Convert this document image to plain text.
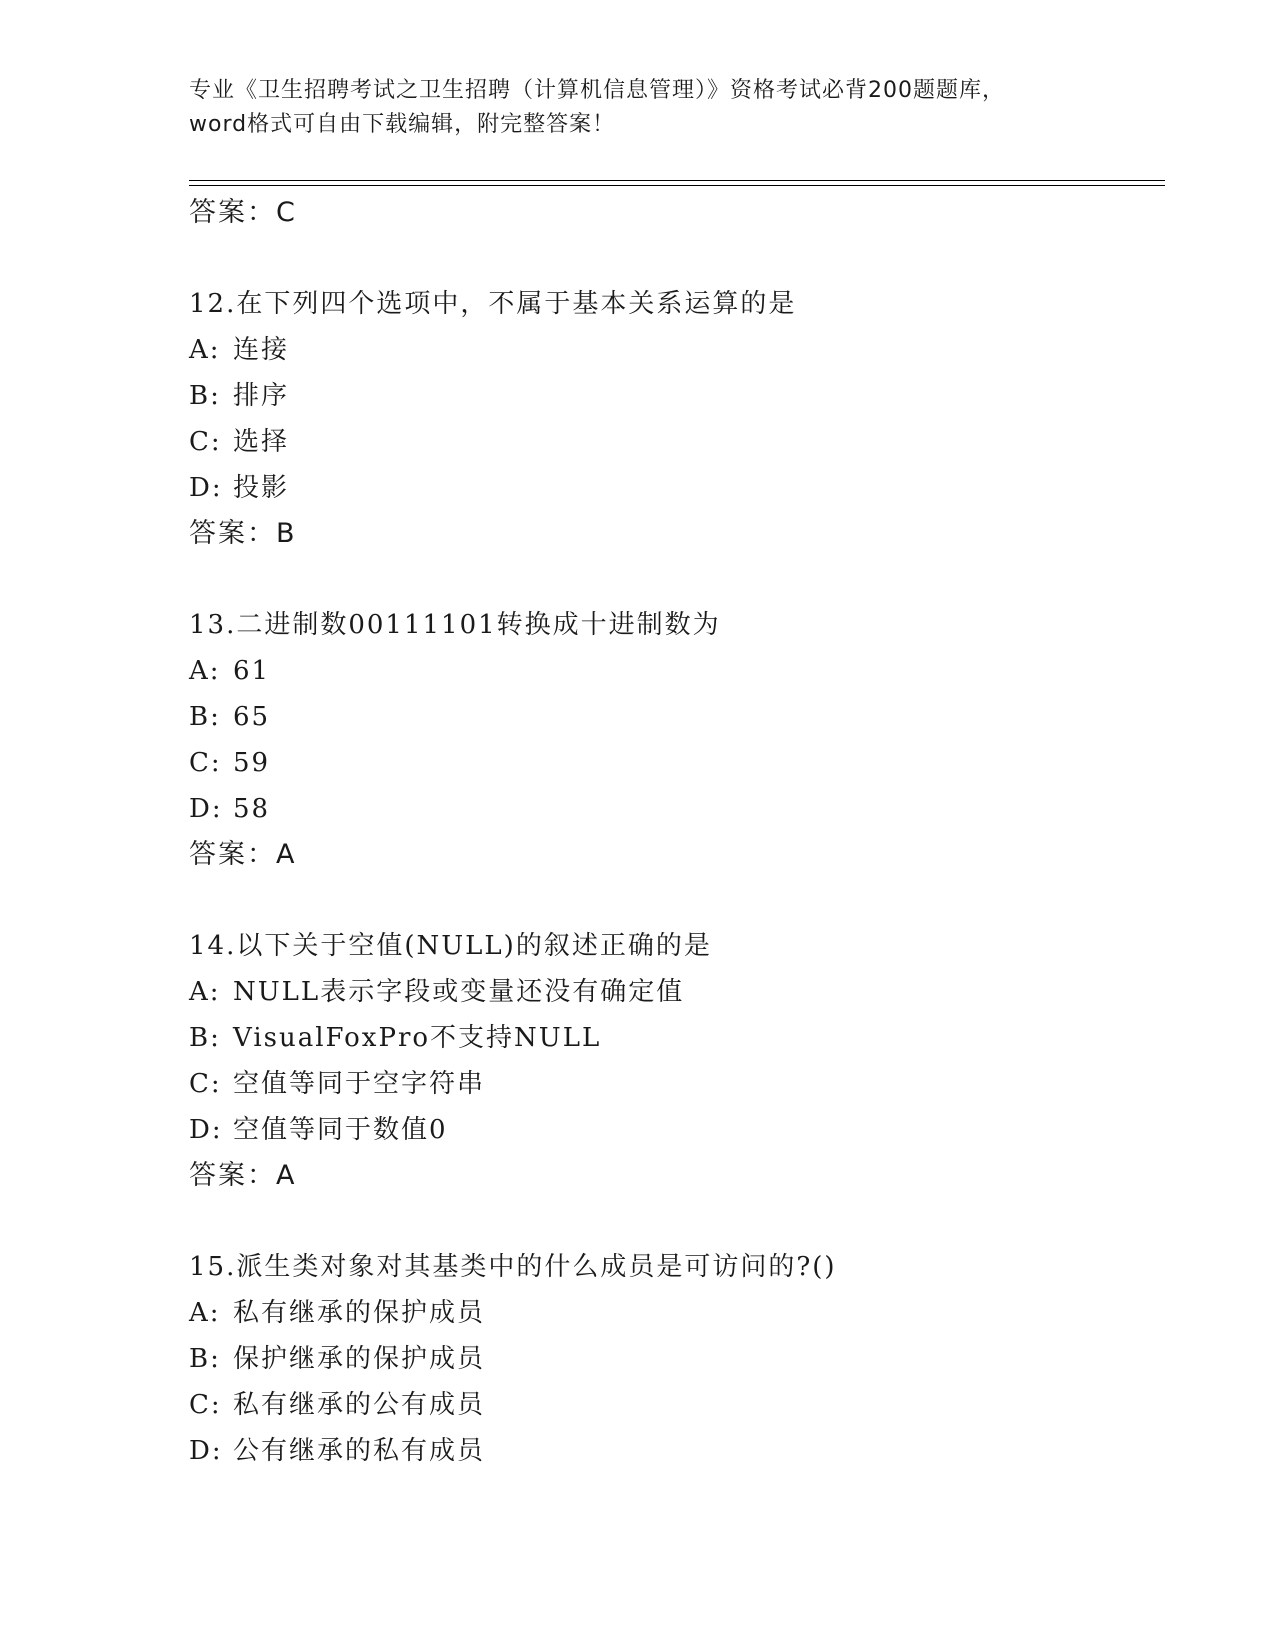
专业《卫生招聘考试之卫生招聘（计算机信息管理）》资格考试必背200题题库，
word格式可自由下载编辑，附完整答案！
答案：C
12.在下列四个选项中，不属于基本关系运算的是
A: 连接
B: 排序
C: 选择
D: 投影
答案：B
13.二进制数00111101转换成十进制数为
A: 61
B: 65
C: 59
D: 58
答案：A
14.以下关于空值(NULL)的叙述正确的是
A: NULL表示字段或变量还没有确定值
B: VisualFoxPro不支持NULL
C: 空值等同于空字符串
D: 空值等同于数值0
答案：A
15.派生类对象对其基类中的什么成员是可访问的?()
A: 私有继承的保护成员
B: 保护继承的保护成员
C: 私有继承的公有成员
D: 公有继承的私有成员
